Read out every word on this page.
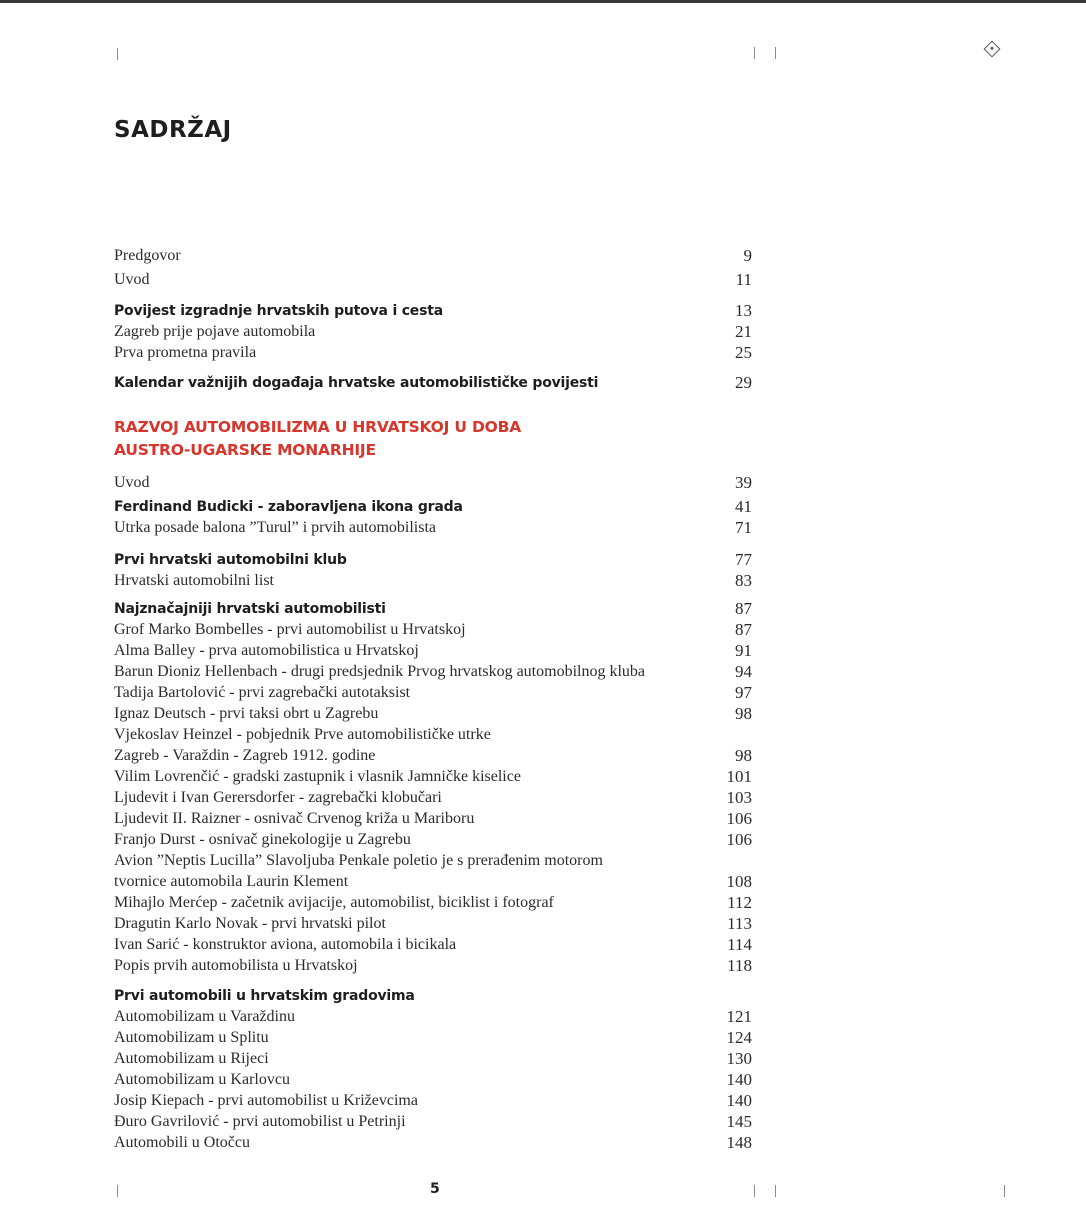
SADRŽAJ
RAZVOJ AUTOMOBILIZMA U HRVATSKOJ U DOBA
AUSTRO-UGARSKE MONARHIJE
Predgovor	9
Uvod	11
Povijest izgradnje hrvatskih putova i cesta	13
Zagreb prije pojave automobila	21
Prva prometna pravila	25
Kalendar važnijih događaja hrvatske automobilističke povijesti	29
Uvod	39
Ferdinand Budicki - zaboravljena ikona grada	41
Utrka posade balona ”Turul” i prvih automobilista	71
Prvi hrvatski automobilni klub	77
Hrvatski automobilni list	83
Najznačajniji hrvatski automobilisti	87
Grof Marko Bombelles - prvi automobilist u Hrvatskoj	87
Alma Balley - prva automobilistica u Hrvatskoj	91
Barun Dioniz Hellenbach - drugi predsjednik Prvog hrvatskog automobilnog kluba	94
Tadija Bartolović - prvi zagrebački autotaksist	97
Ignaz Deutsch - prvi taksi obrt u Zagrebu	98
Vjekoslav Heinzel - pobjednik Prve automobilističke utrke
Zagreb - Varaždin - Zagreb 1912. godine	98
Vilim Lovrenčić - gradski zastupnik i vlasnik Jamničke kiselice	101
Ljudevit i Ivan Gerersdorfer - zagrebački klobučari	103
Ljudevit II. Raizner - osnivač Crvenog križa u Mariboru	106
Franjo Durst - osnivač ginekologije u Zagrebu	106
Avion ”Neptis Lucilla” Slavoljuba Penkale poletio je s prerađenim motorom
tvornice automobila Laurin Klement	108
Mihajlo Merćep - začetnik avijacije, automobilist, biciklist i fotograf	112
Dragutin Karlo Novak - prvi hrvatski pilot	113
Ivan Sarić - konstruktor aviona, automobila i bicikala	114
Popis prvih automobilista u Hrvatskoj	118
Prvi automobili u hrvatskim gradovima
Automobilizam u Varaždinu	121
Automobilizam u Splitu	124
Automobilizam u Rijeci	130
Automobilizam u Karlovcu	140
Josip Kiepach - prvi automobilist u Križevcima	140
Đuro Gavrilović - prvi automobilist u Petrinji	145
Automobili u Otočcu	148
5
